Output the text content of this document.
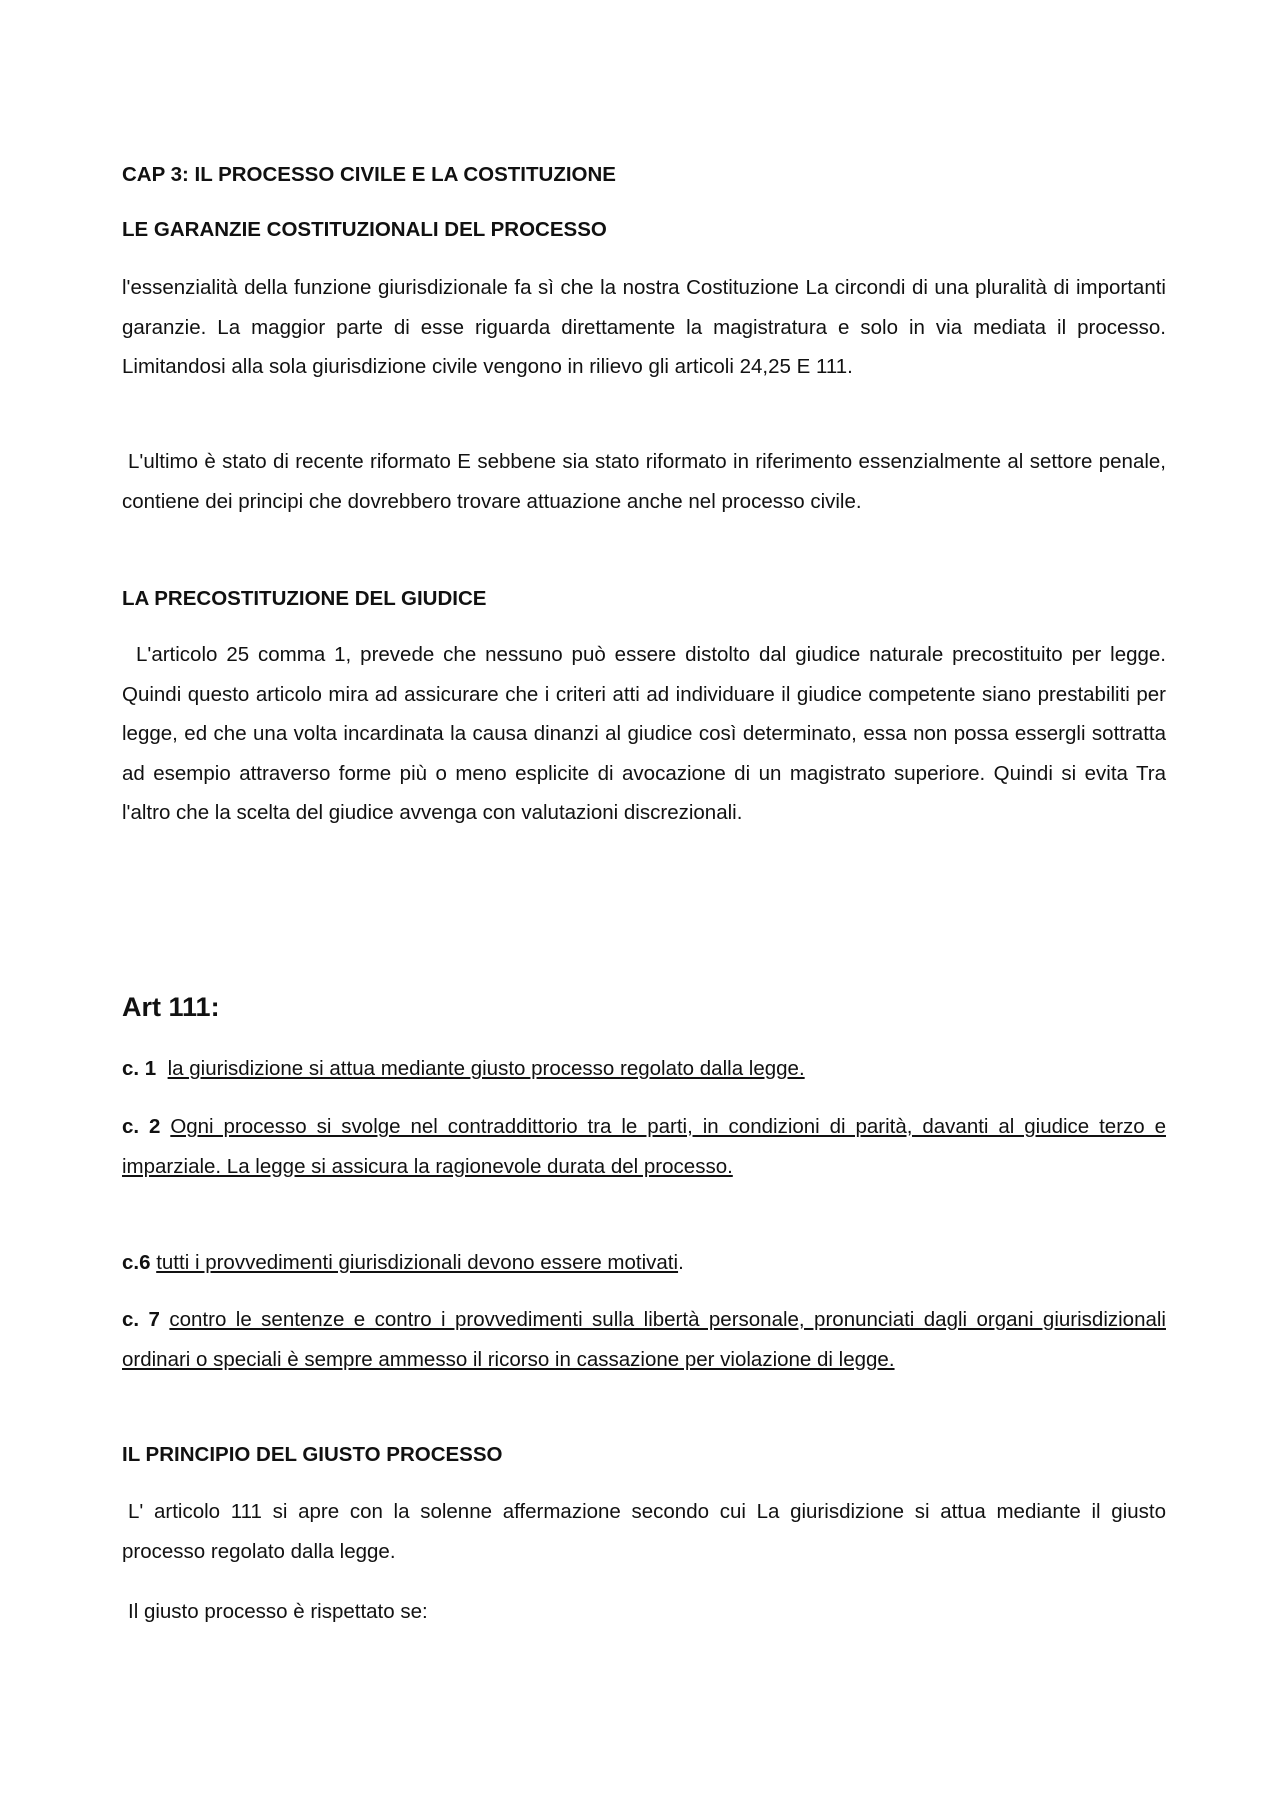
CAP 3: IL PROCESSO CIVILE E LA COSTITUZIONE
LE GARANZIE COSTITUZIONALI DEL PROCESSO
l'essenzialità della funzione giurisdizionale fa sì che la nostra Costituzione La circondi di una pluralità di importanti garanzie. La maggior parte di esse riguarda direttamente la magistratura e solo in via mediata il processo. Limitandosi alla sola giurisdizione civile vengono in rilievo gli articoli 24,25 E 111.
L'ultimo è stato di recente riformato E sebbene sia stato riformato in riferimento essenzialmente al settore penale, contiene dei principi che dovrebbero trovare attuazione anche nel processo civile.
LA PRECOSTITUZIONE DEL GIUDICE
L'articolo 25 comma 1, prevede che nessuno può essere distolto dal giudice naturale precostituito per legge. Quindi questo articolo mira ad assicurare che i criteri atti ad individuare il giudice competente siano prestabiliti per legge, ed che una volta incardinata la causa dinanzi al giudice così determinato, essa non possa essergli sottratta ad esempio attraverso forme più o meno esplicite di avocazione di un magistrato superiore. Quindi si evita Tra l'altro che la scelta del giudice avvenga con valutazioni discrezionali.
Art 111:
c. 1 la giurisdizione si attua mediante giusto processo regolato dalla legge.
c. 2 Ogni processo si svolge nel contraddittorio tra le parti, in condizioni di parità, davanti al giudice terzo e imparziale. La legge si assicura la ragionevole durata del processo.
c.6 tutti i provvedimenti giurisdizionali devono essere motivati.
c. 7 contro le sentenze e contro i provvedimenti sulla libertà personale, pronunciati dagli organi giurisdizionali ordinari o speciali è sempre ammesso il ricorso in cassazione per violazione di legge.
IL PRINCIPIO DEL GIUSTO PROCESSO
L' articolo 111 si apre con la solenne affermazione secondo cui La giurisdizione si attua mediante il giusto processo regolato dalla legge.
Il giusto processo è rispettato se:
